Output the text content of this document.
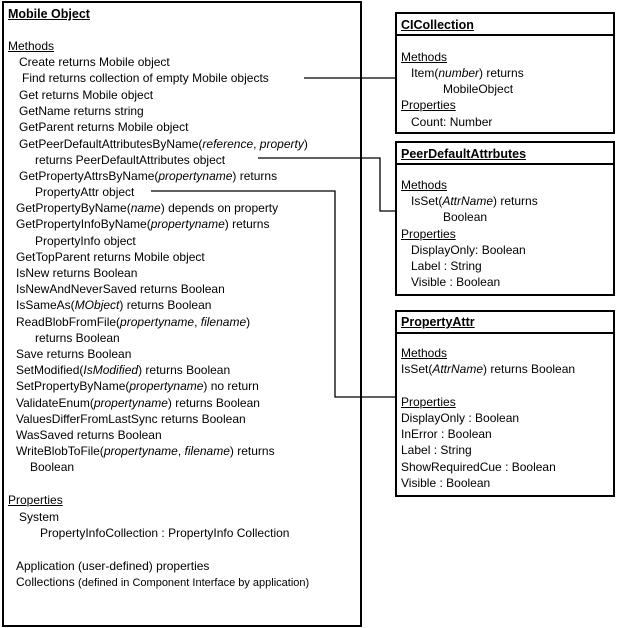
Mobile Object
Methods
Create returns Mobile object
Find returns collection of empty Mobile objects
Get returns Mobile object
GetName returns string
GetParent returns Mobile object
GetPeerDefaultAttributesByName(reference, property)
returns PeerDefaultAttributes object
GetPropertyAttrsByName(propertyname) returns
PropertyAttr object
GetPropertyByName(name) depends on property
GetPropertyInfoByName(propertyname) returns
PropertyInfo object
GetTopParent returns Mobile object
IsNew returns Boolean
IsNewAndNeverSaved returns Boolean
IsSameAs(MObject) returns Boolean
ReadBlobFromFile(propertyname, filename)
returns Boolean
Save returns Boolean
SetModified(IsModified) returns Boolean
SetPropertyByName(propertyname) no return
ValidateEnum(propertyname) returns Boolean
ValuesDifferFromLastSync returns Boolean
WasSaved returns Boolean
WriteBlobToFile(propertyname, filename) returns
Boolean
Properties
System
PropertyInfoCollection : PropertyInfo Collection
Application (user-defined) properties
Collections (defined in Component Interface by application)
CICollection
Methods
Item(number) returns
MobileObject
Properties
Count: Number
PeerDefaultAttrbutes
Methods
IsSet(AttrName) returns
Boolean
Properties
DisplayOnly: Boolean
Label : String
Visible : Boolean
PropertyAttr
Methods
IsSet(AttrName) returns Boolean
Properties
DisplayOnly : Boolean
InError : Boolean
Label : String
ShowRequiredCue : Boolean
Visible : Boolean
